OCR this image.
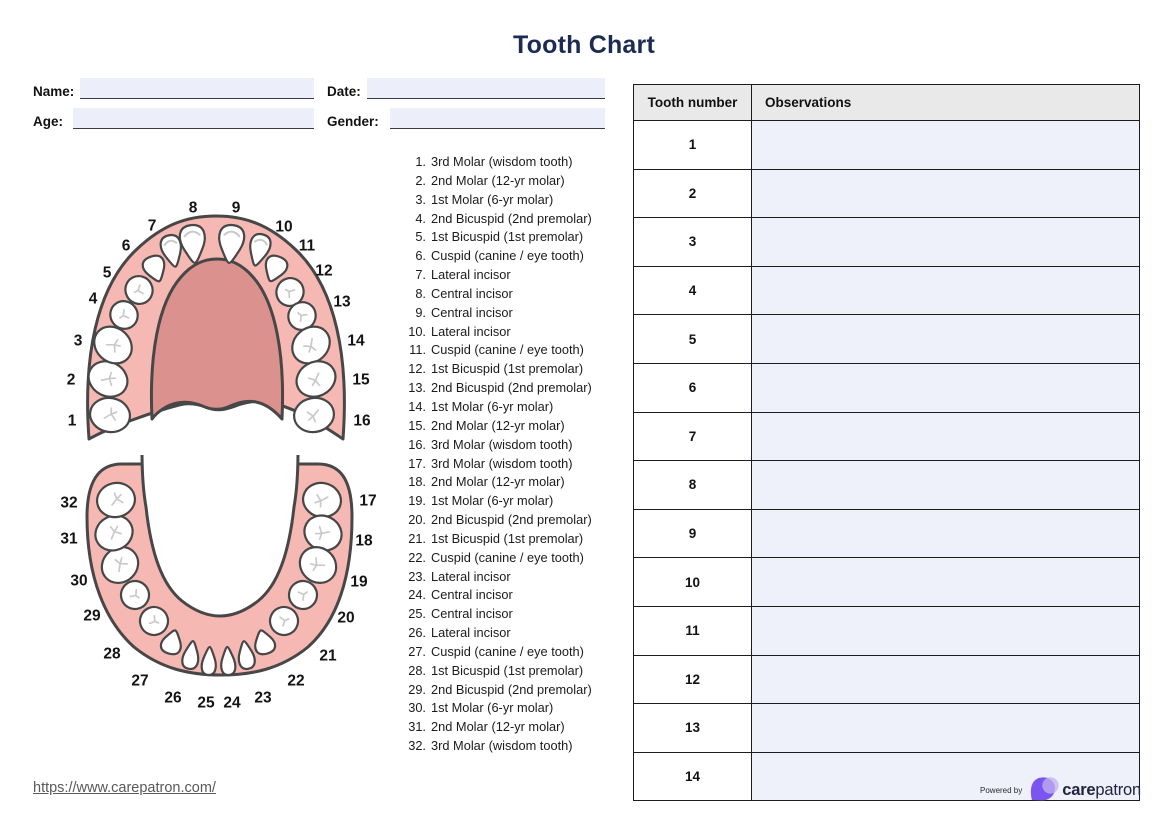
Tooth Chart
Name:	Date:
Age:	Gender:
1
2
3
4
5
6
7
8 9
10
11
12
13
14
15
16
17
18
19
20
21
22
23
24
25
26
27
28
29
30
31
32
1. 3rd Molar (wisdom tooth)
2. 2nd Molar (12-yr molar)
3. 1st Molar (6-yr molar)
4. 2nd Bicuspid (2nd premolar)
5. 1st Bicuspid (1st premolar)
6. Cuspid (canine / eye tooth)
7. Lateral incisor
8. Central incisor
9. Central incisor
10. Lateral incisor
11. Cuspid (canine / eye tooth)
12. 1st Bicuspid (1st premolar)
13. 2nd Bicuspid (2nd premolar)
14. 1st Molar (6-yr molar)
15. 2nd Molar (12-yr molar)
16. 3rd Molar (wisdom tooth)
17. 3rd Molar (wisdom tooth)
18. 2nd Molar (12-yr molar)
19. 1st Molar (6-yr molar)
20. 2nd Bicuspid (2nd premolar)
21. 1st Bicuspid (1st premolar)
22. Cuspid (canine / eye tooth)
23. Lateral incisor
24. Central incisor
25. Central incisor
26. Lateral incisor
27. Cuspid (canine / eye tooth)
28. 1st Bicuspid (1st premolar)
29. 2nd Bicuspid (2nd premolar)
30. 1st Molar (6-yr molar)
31. 2nd Molar (12-yr molar)
32. 3rd Molar (wisdom tooth)
Tooth number	Observations
1	
2	
3	
4	
5	
6	
7	
8	
9	
10	
11	
12	
13	
14	
https://www.carepatron.com/	Powered by carepatron
